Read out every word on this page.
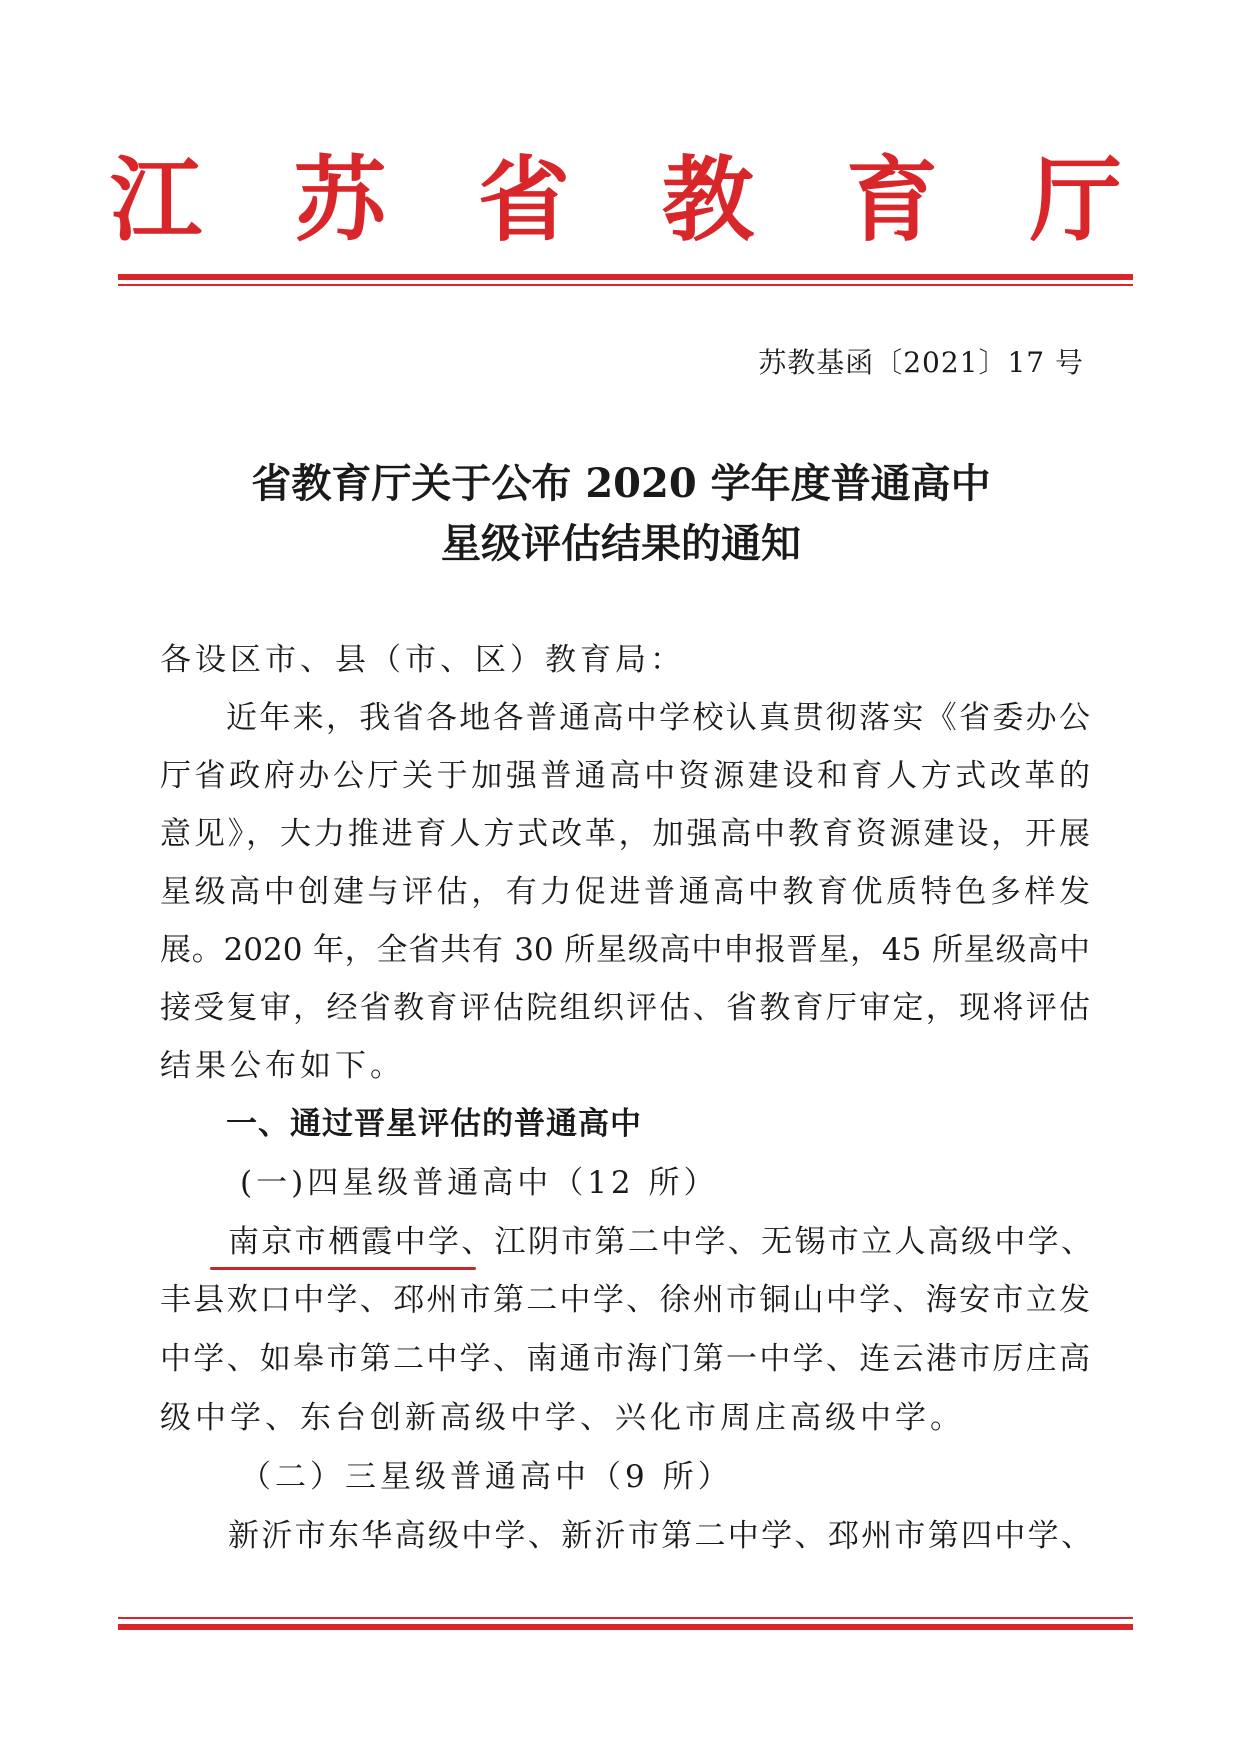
江 苏 省 教 育 厅
苏教基函〔2021〕17 号
省教育厅关于公布 2020 学年度普通高中
星级评估结果的通知
各设区市、县（市、区）教育局：
近年来，我省各地各普通高中学校认真贯彻落实《省委办公
厅省政府办公厅关于加强普通高中资源建设和育人方式改革的
意见》，大力推进育人方式改革，加强高中教育资源建设，开展
星级高中创建与评估，有力促进普通高中教育优质特色多样发
展。2020 年，全省共有 30 所星级高中申报晋星，45 所星级高中
接受复审，经省教育评估院组织评估、省教育厅审定，现将评估
结果公布如下。
一、通过晋星评估的普通高中
(一)四星级普通高中（12 所）
南京市栖霞中学、江阴市第二中学、无锡市立人高级中学、
丰县欢口中学、邳州市第二中学、徐州市铜山中学、海安市立发
中学、如皋市第二中学、南通市海门第一中学、连云港市厉庄高
级中学、东台创新高级中学、兴化市周庄高级中学。
（二）三星级普通高中（9 所）
新沂市东华高级中学、新沂市第二中学、邳州市第四中学、
